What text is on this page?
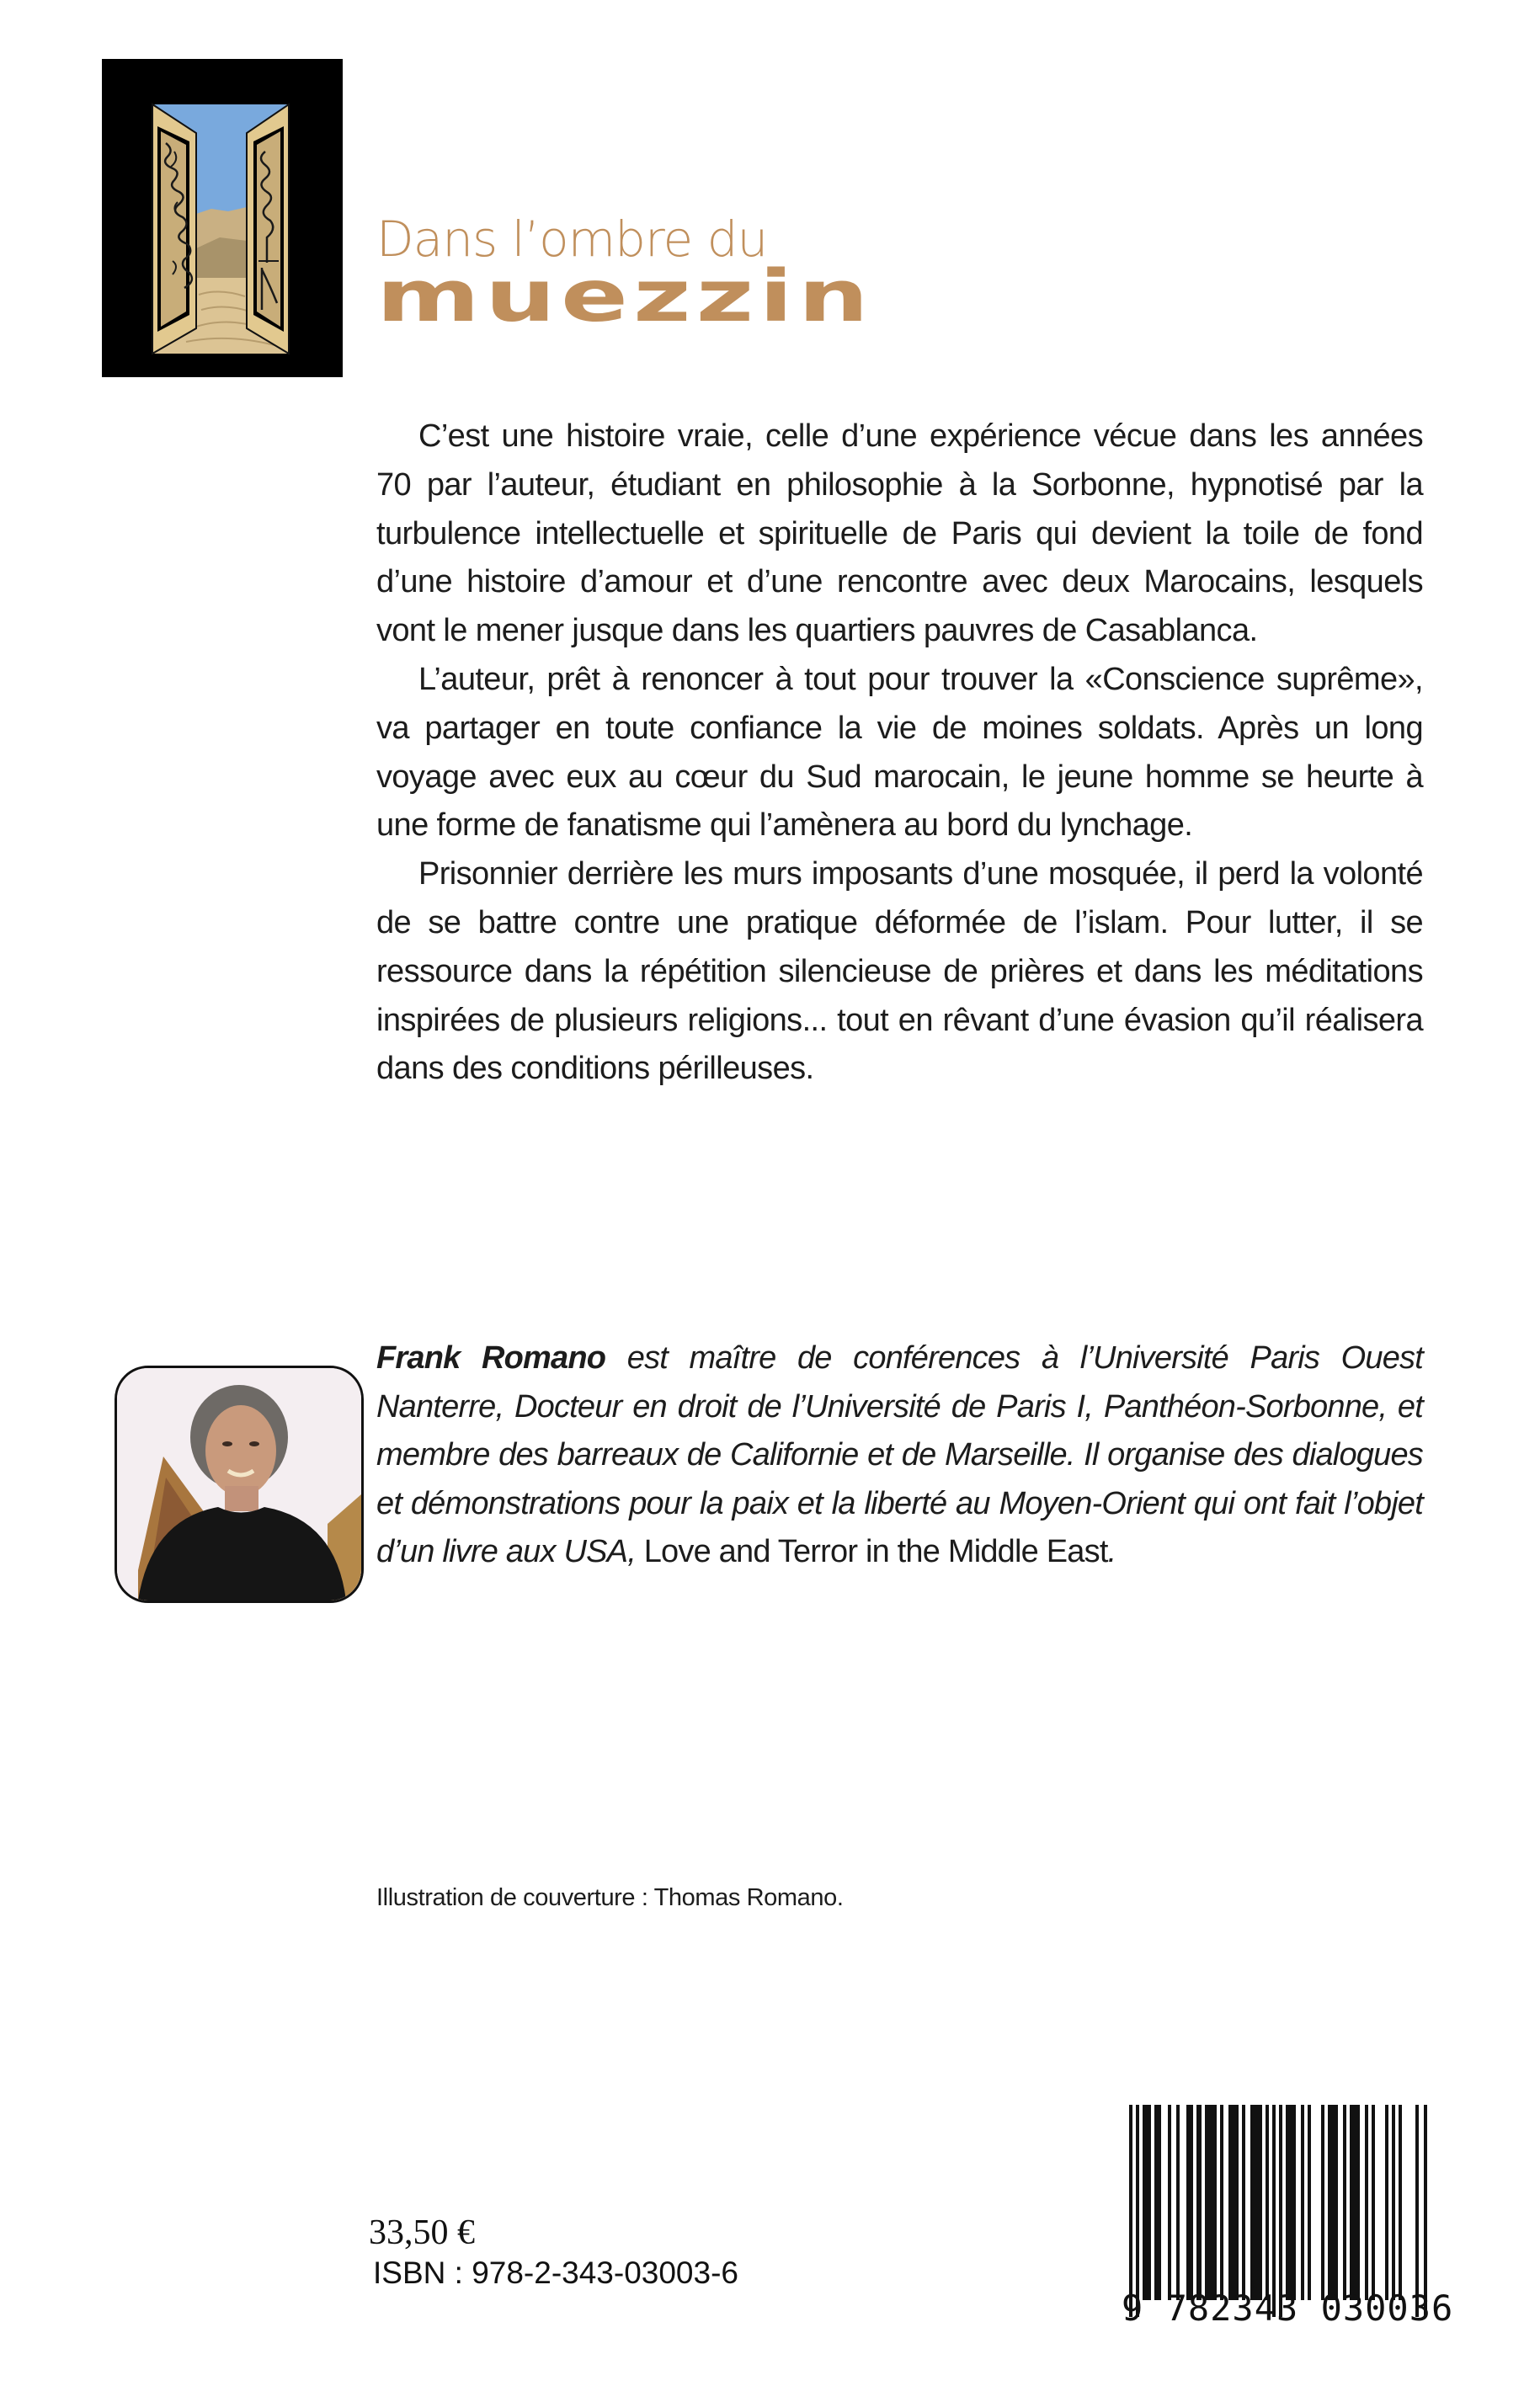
Dans l’ombre du
muezzin

C’est une histoire vraie, celle d’une expérience vécue dans les années 70 par l’auteur, étudiant en philosophie à la Sorbonne, hypnotisé par la turbulence intellectuelle et spirituelle de Paris qui devient la toile de fond d’une histoire d’amour et d’une rencontre avec deux Marocains, lesquels vont le mener jusque dans les quartiers pauvres de Casablanca.

L’auteur, prêt à renoncer à tout pour trouver la «Conscience suprême», va partager en toute confiance la vie de moines soldats. Après un long voyage avec eux au cœur du Sud marocain, le jeune homme se heurte à une forme de fanatisme qui l’amènera au bord du lynchage.

Prisonnier derrière les murs imposants d’une mosquée, il perd la volonté de se battre contre une pratique déformée de l’islam. Pour lutter, il se ressource dans la répétition silencieuse de prières et dans les méditations inspirées de plusieurs religions... tout en rêvant d’une évasion qu’il réalisera dans des conditions périlleuses.

Frank Romano est maître de conférences à l’Université Paris Ouest Nanterre, Docteur en droit de l’Université de Paris I, Panthéon-Sorbonne, et membre des barreaux de Californie et de Marseille. Il organise des dialogues et démonstrations pour la paix et la liberté au Moyen-Orient qui ont fait l’objet d’un livre aux USA, Love and Terror in the Middle East.
Illustration de couverture : Thomas Romano.
33,50 €
ISBN : 978-2-343-03003-6
9 782343 030036
